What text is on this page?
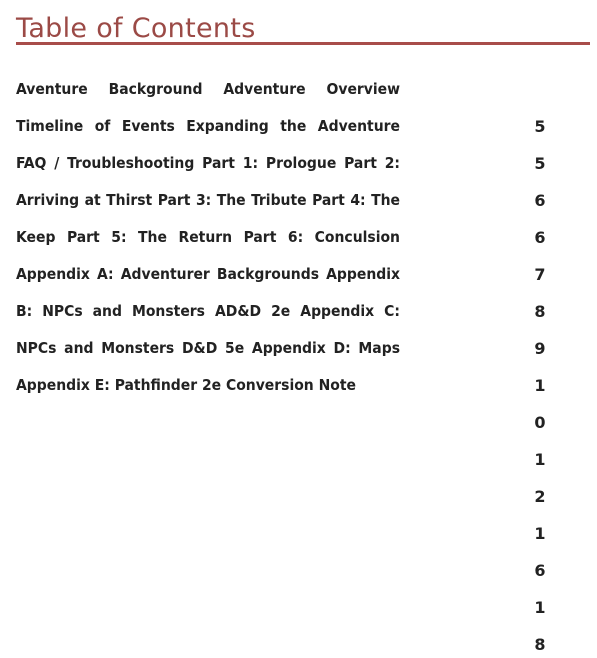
Table of Contents
Aventure Background Adventure Overview
Timeline of Events Expanding the Adventure
FAQ / Troubleshooting Part 1: Prologue Part 2:
Arriving at Thirst Part 3: The Tribute Part 4: The
Keep Part 5: The Return Part 6: Conculsion
Appendix A: Adventurer Backgrounds Appendix
B: NPCs and Monsters AD&D 2e Appendix C:
NPCs and Monsters D&D 5e Appendix D: Maps
Appendix E: Pathfinder 2e Conversion Note
5
5
6
6
7
8
9
1
0
1
2
1
6
1
8
